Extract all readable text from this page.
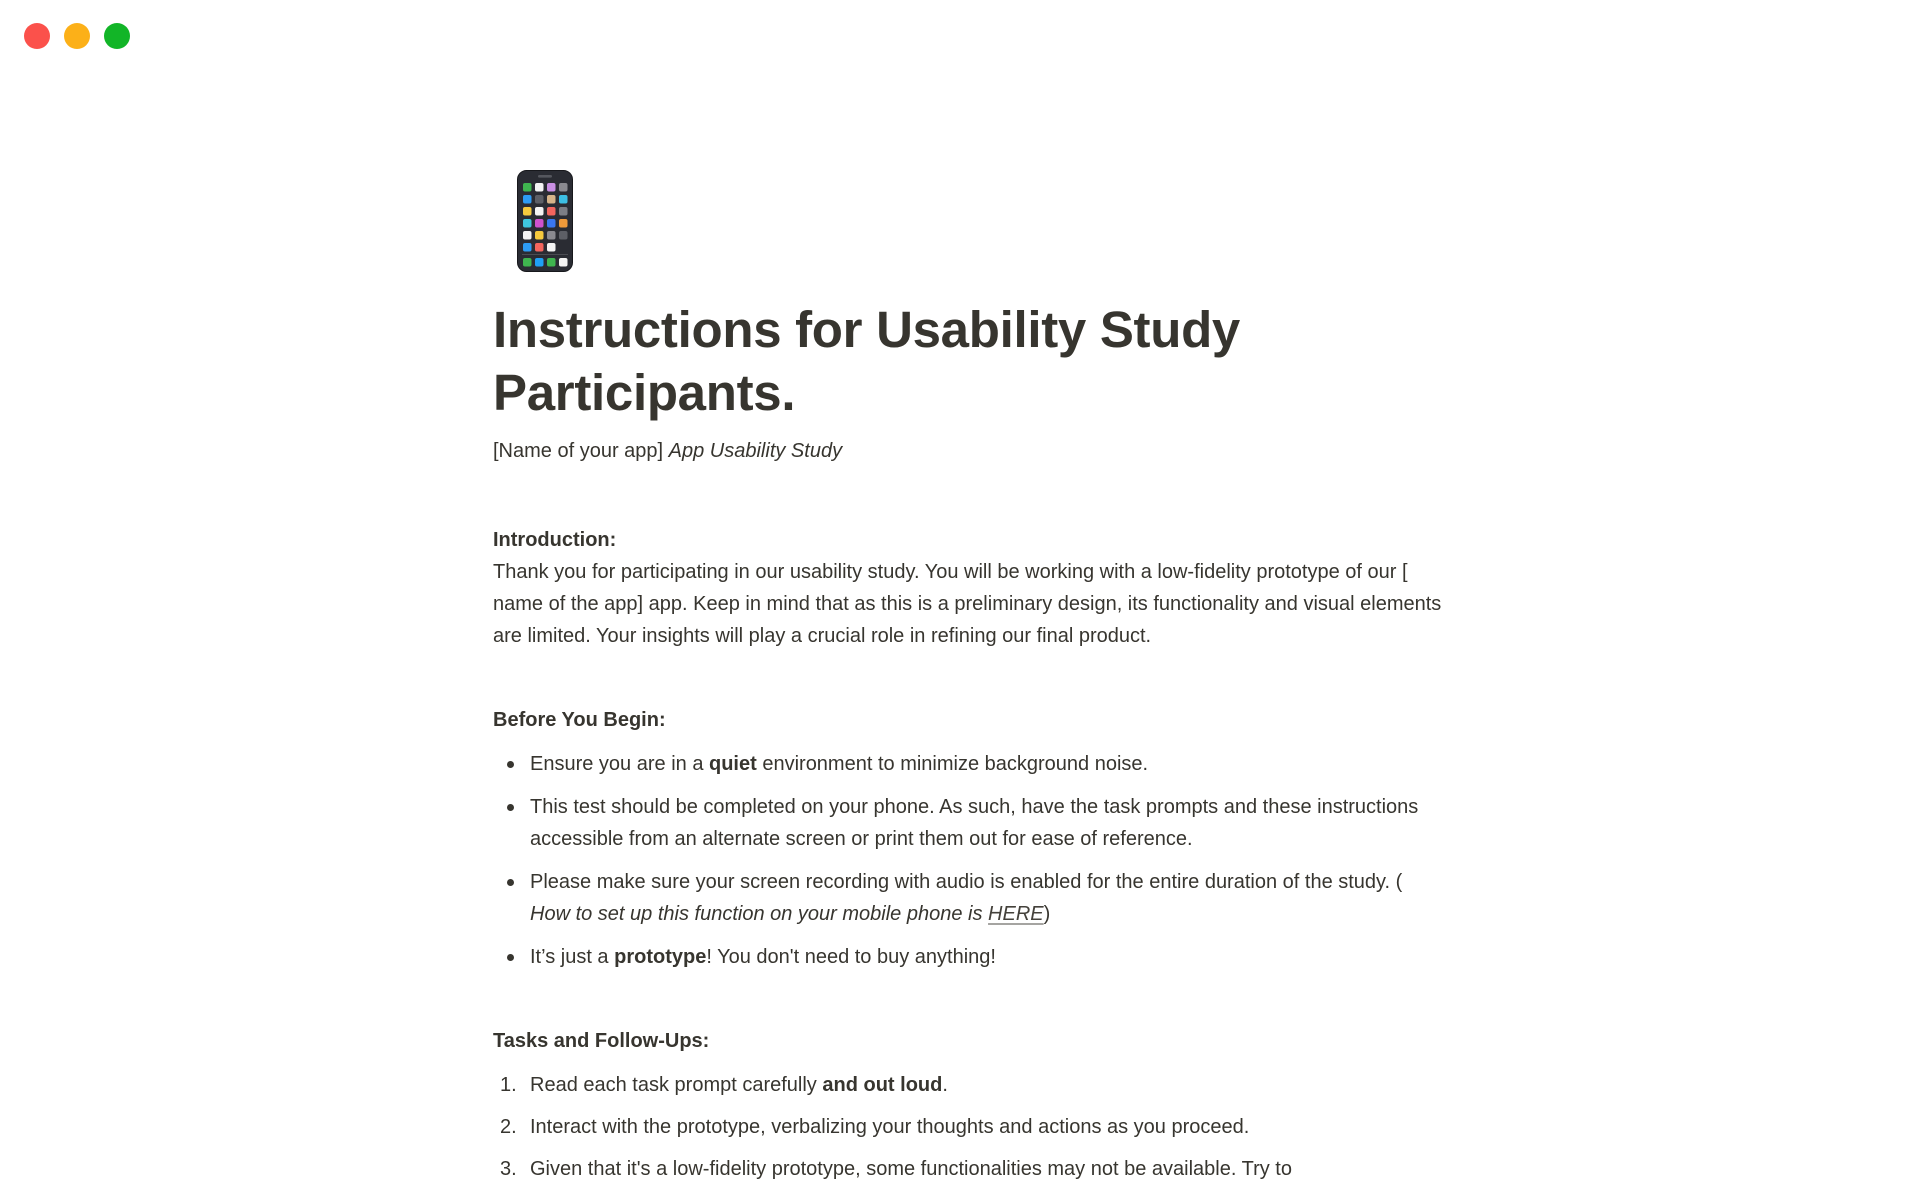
Instructions for Usability Study Participants.

[Name of your app] App Usability Study

Introduction:
Thank you for participating in our usability study. You will be working with a low-fidelity prototype of our [ name of the app] app. Keep in mind that as this is a preliminary design, its functionality and visual elements are limited. Your insights will play a crucial role in refining our final product.

Before You Begin:

Ensure you are in a quiet environment to minimize background noise.
This test should be completed on your phone. As such, have the task prompts and these instructions accessible from an alternate screen or print them out for ease of reference.
Please make sure your screen recording with audio is enabled for the entire duration of the study. ( How to set up this function on your mobile phone is HERE)
It’s just a prototype! You don't need to buy anything!

Tasks and Follow-Ups:

Read each task prompt carefully and out loud.
Interact with the prototype, verbalizing your thoughts and actions as you proceed.
Given that it's a low-fidelity prototype, some functionalities may not be available. Try to
